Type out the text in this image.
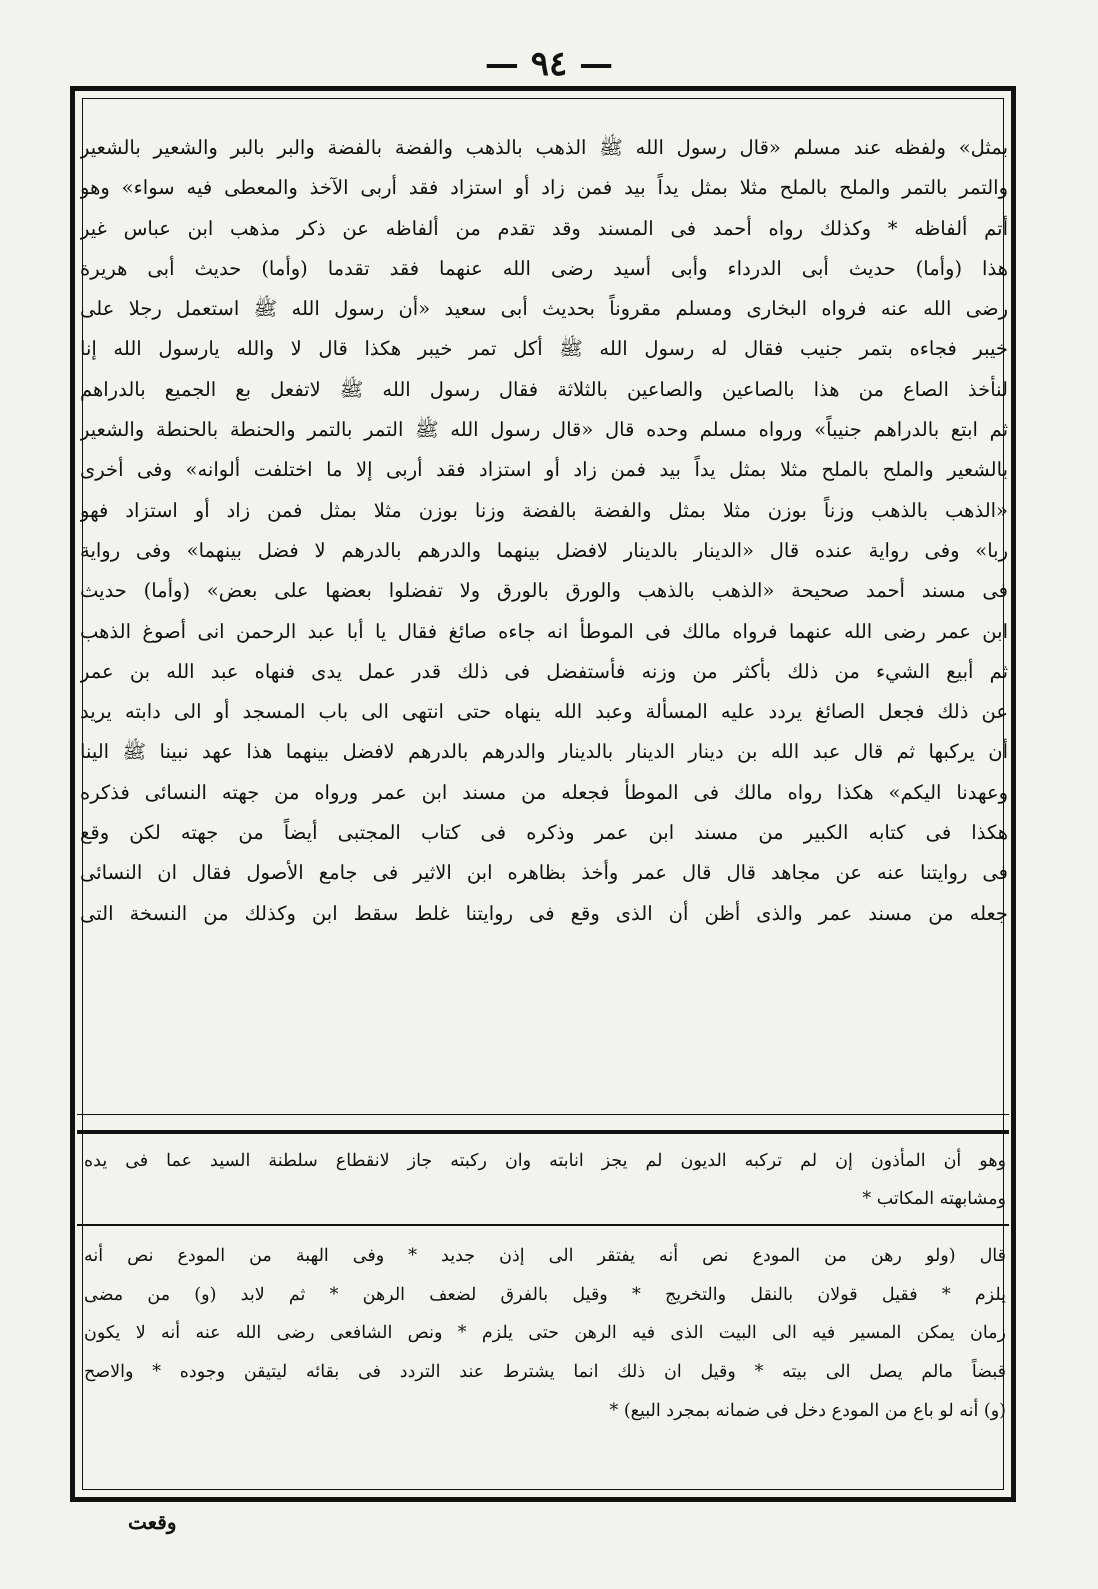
— ٩٤ —
بمثل» ولفظه عند مسلم «قال رسول الله ﷺ الذهب بالذهب والفضة بالفضة والبر بالبر والشعير بالشعير
والتمر بالتمر والملح بالملح مثلا بمثل يداً بيد فمن زاد أو استزاد فقد أربى الآخذ والمعطى فيه سواء» وهو
أتم ألفاظه * وكذلك رواه أحمد فى المسند وقد تقدم من ألفاظه عن ذكر مذهب ابن عباس غير
هذا (وأما) حديث أبى الدرداء وأبى أسيد رضى الله عنهما فقد تقدما (وأما) حديث أبى هريرة
رضى الله عنه فرواه البخارى ومسلم مقروناً بحديث أبى سعيد «أن رسول الله ﷺ استعمل رجلا على
خيبر فجاءه بتمر جنيب فقال له رسول الله ﷺ أكل تمر خيبر هكذا قال لا والله يارسول الله إنا
لنأخذ الصاع من هذا بالصاعين والصاعين بالثلاثة فقال رسول الله ﷺ لاتفعل بع الجميع بالدراهم
ثم ابتع بالدراهم جنيباً» ورواه مسلم وحده قال «قال رسول الله ﷺ التمر بالتمر والحنطة بالحنطة والشعير
بالشعير والملح بالملح مثلا بمثل يداً بيد فمن زاد أو استزاد فقد أربى إلا ما اختلفت ألوانه» وفى أخرى
«الذهب بالذهب وزناً بوزن مثلا بمثل والفضة بالفضة وزنا بوزن مثلا بمثل فمن زاد أو استزاد فهو
ربا» وفى رواية عنده قال «الدينار بالدينار لافضل بينهما والدرهم بالدرهم لا فضل بينهما» وفى رواية
فى مسند أحمد صحيحة «الذهب بالذهب والورق بالورق ولا تفضلوا بعضها على بعض» (وأما) حديث
ابن عمر رضى الله عنهما فرواه مالك فى الموطأ انه جاءه صائغ فقال يا أبا عبد الرحمن انى أصوغ الذهب
ثم أبيع الشيء من ذلك بأكثر من وزنه فأستفضل فى ذلك قدر عمل يدى فنهاه عبد الله بن عمر
عن ذلك فجعل الصائغ يردد عليه المسألة وعبد الله ينهاه حتى انتهى الى باب المسجد أو الى دابته يريد
أن يركبها ثم قال عبد الله بن دينار الدينار بالدينار والدرهم بالدرهم لافضل بينهما هذا عهد نبينا ﷺ الينا
وعهدنا اليكم» هكذا رواه مالك فى الموطأ فجعله من مسند ابن عمر ورواه من جهته النسائى فذكره
هكذا فى كتابه الكبير من مسند ابن عمر وذكره فى كتاب المجتبى أيضاً من جهته لكن وقع
فى روايتنا عنه عن مجاهد قال قال عمر وأخذ بظاهره ابن الاثير فى جامع الأصول فقال ان النسائى
جعله من مسند عمر والذى أظن أن الذى وقع فى روايتنا غلط سقط ابن وكذلك من النسخة التى
وهو أن المأذون إن لم تركبه الديون لم يجز انابته وان ركبته جاز لانقطاع سلطنة السيد عما فى يده
ومشابهته المكاتب *
قال (ولو رهن من المودع نص أنه يفتقر الى إذن جديد * وفى الهبة من المودع نص أنه
يلزم * فقيل قولان بالنقل والتخريج * وقيل بالفرق لضعف الرهن * ثم لابد (و) من مضى
زمان يمكن المسير فيه الى البيت الذى فيه الرهن حتى يلزم * ونص الشافعى رضى الله عنه أنه لا يكون
قبضاً مالم يصل الى بيته * وقيل ان ذلك انما يشترط عند التردد فى بقائه ليتيقن وجوده * والاصح
(و) أنه لو باع من المودع دخل فى ضمانه بمجرد البيع) *
وقعت
